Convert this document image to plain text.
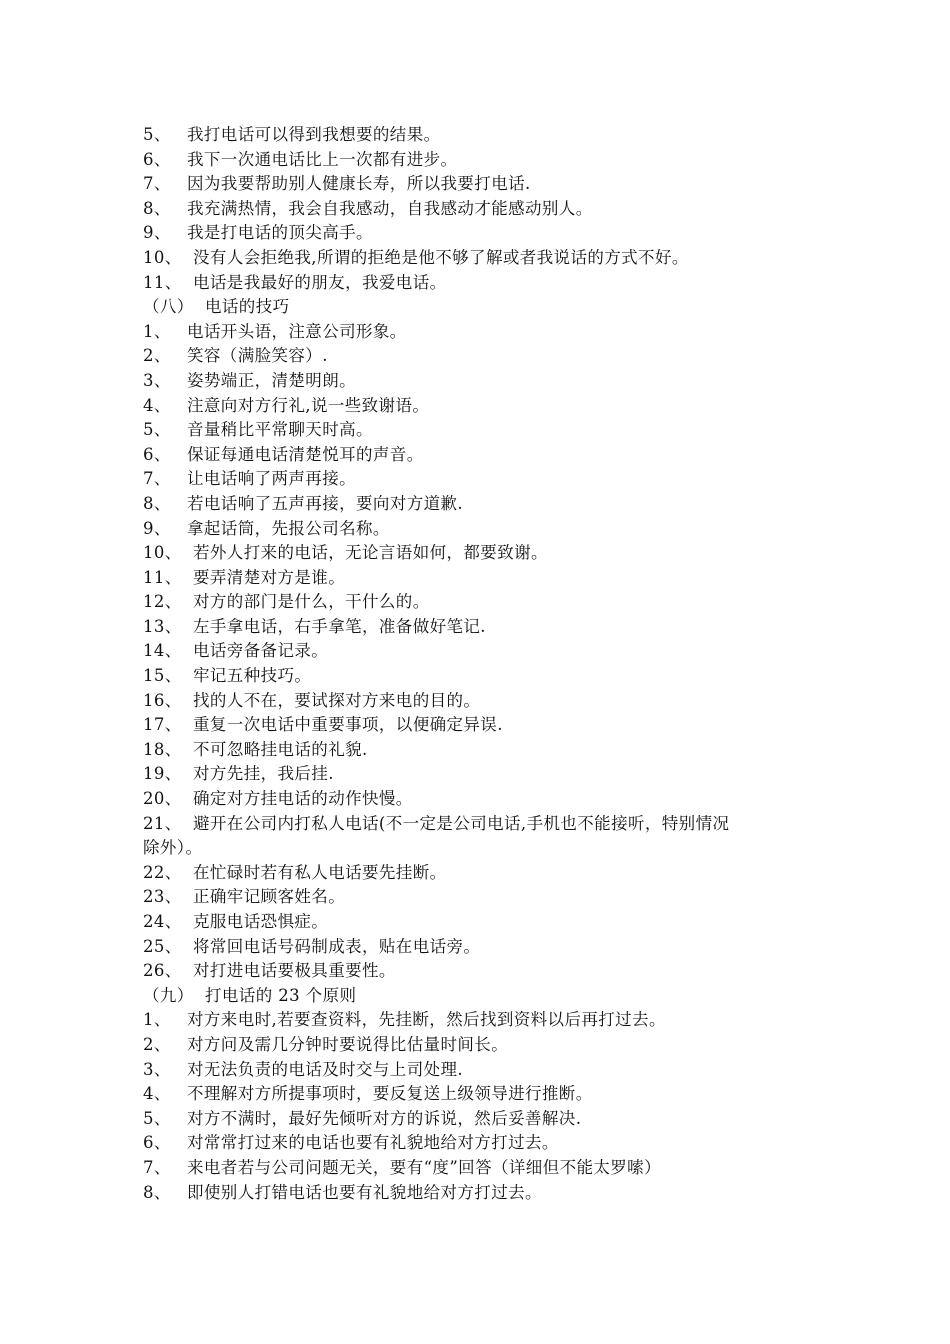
5、 我打电话可以得到我想要的结果。
6、 我下一次通电话比上一次都有进步。
7、 因为我要帮助别人健康长寿，所以我要打电话.
8、 我充满热情，我会自我感动，自我感动才能感动别人。
9、 我是打电话的顶尖高手。
10、 没有人会拒绝我,所谓的拒绝是他不够了解或者我说话的方式不好。
11、 电话是我最好的朋友，我爱电话。
（八）  电话的技巧
1、 电话开头语，注意公司形象。
2、 笑容（满脸笑容）.
3、 姿势端正，清楚明朗。
4、 注意向对方行礼,说一些致谢语。
5、 音量稍比平常聊天时高。
6、 保证每通电话清楚悦耳的声音。
7、 让电话响了两声再接。
8、 若电话响了五声再接，要向对方道歉.
9、 拿起话筒，先报公司名称。
10、 若外人打来的电话，无论言语如何，都要致谢。
11、 要弄清楚对方是谁。
12、 对方的部门是什么，干什么的。
13、 左手拿电话，右手拿笔，准备做好笔记.
14、 电话旁备备记录。
15、 牢记五种技巧。
16、 找的人不在，要试探对方来电的目的。
17、 重复一次电话中重要事项，以便确定异误.
18、 不可忽略挂电话的礼貌.
19、 对方先挂，我后挂.
20、 确定对方挂电话的动作快慢。
21、 避开在公司内打私人电话(不一定是公司电话,手机也不能接听，特别情况
除外）。
22、 在忙碌时若有私人电话要先挂断。
23、 正确牢记顾客姓名。
24、 克服电话恐惧症。
25、 将常回电话号码制成表，贴在电话旁。
26、 对打进电话要极具重要性。
（九）  打电话的 23 个原则
1、 对方来电时,若要查资料，先挂断，然后找到资料以后再打过去。
2、 对方问及需几分钟时要说得比估量时间长。
3、 对无法负责的电话及时交与上司处理.
4、 不理解对方所提事项时，要反复送上级领导进行推断。
5、 对方不满时，最好先倾听对方的诉说，然后妥善解决.
6、 对常常打过来的电话也要有礼貌地给对方打过去。
7、 来电者若与公司问题无关，要有“度”回答（详细但不能太罗嗦）
8、 即使别人打错电话也要有礼貌地给对方打过去。
